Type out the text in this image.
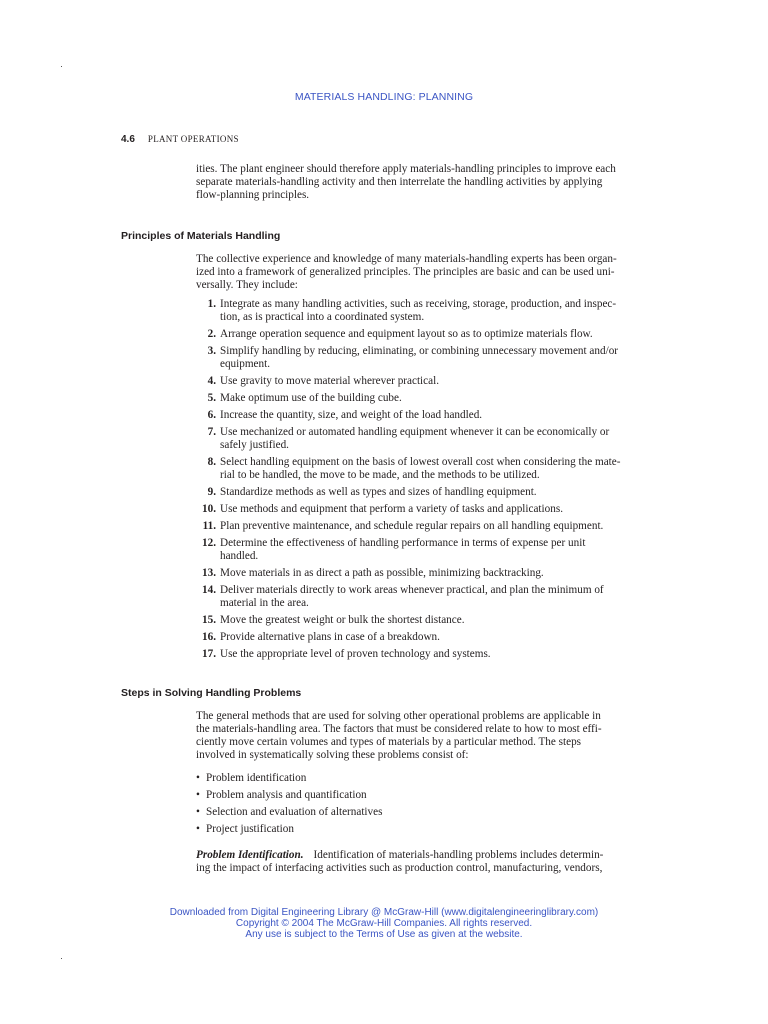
MATERIALS HANDLING: PLANNING
4.6 PLANT OPERATIONS
ities. The plant engineer should therefore apply materials-handling principles to improve each
separate materials-handling activity and then interrelate the handling activities by applying
flow-planning principles.
Principles of Materials Handling
The collective experience and knowledge of many materials-handling experts has been organ-
ized into a framework of generalized principles. The principles are basic and can be used uni-
versally. They include:
1. Integrate as many handling activities, such as receiving, storage, production, and inspec-
tion, as is practical into a coordinated system.
2. Arrange operation sequence and equipment layout so as to optimize materials flow.
3. Simplify handling by reducing, eliminating, or combining unnecessary movement and/or
equipment.
4. Use gravity to move material wherever practical.
5. Make optimum use of the building cube.
6. Increase the quantity, size, and weight of the load handled.
7. Use mechanized or automated handling equipment whenever it can be economically or
safely justified.
8. Select handling equipment on the basis of lowest overall cost when considering the mate-
rial to be handled, the move to be made, and the methods to be utilized.
9. Standardize methods as well as types and sizes of handling equipment.
10. Use methods and equipment that perform a variety of tasks and applications.
11. Plan preventive maintenance, and schedule regular repairs on all handling equipment.
12. Determine the effectiveness of handling performance in terms of expense per unit
handled.
13. Move materials in as direct a path as possible, minimizing backtracking.
14. Deliver materials directly to work areas whenever practical, and plan the minimum of
material in the area.
15. Move the greatest weight or bulk the shortest distance.
16. Provide alternative plans in case of a breakdown.
17. Use the appropriate level of proven technology and systems.
Steps in Solving Handling Problems
The general methods that are used for solving other operational problems are applicable in
the materials-handling area. The factors that must be considered relate to how to most effi-
ciently move certain volumes and types of materials by a particular method. The steps
involved in systematically solving these problems consist of:
• Problem identification
• Problem analysis and quantification
• Selection and evaluation of alternatives
• Project justification
Problem Identification. Identification of materials-handling problems includes determin-
ing the impact of interfacing activities such as production control, manufacturing, vendors,
Downloaded from Digital Engineering Library @ McGraw-Hill (www.digitalengineeringlibrary.com)
Copyright © 2004 The McGraw-Hill Companies. All rights reserved.
Any use is subject to the Terms of Use as given at the website.
